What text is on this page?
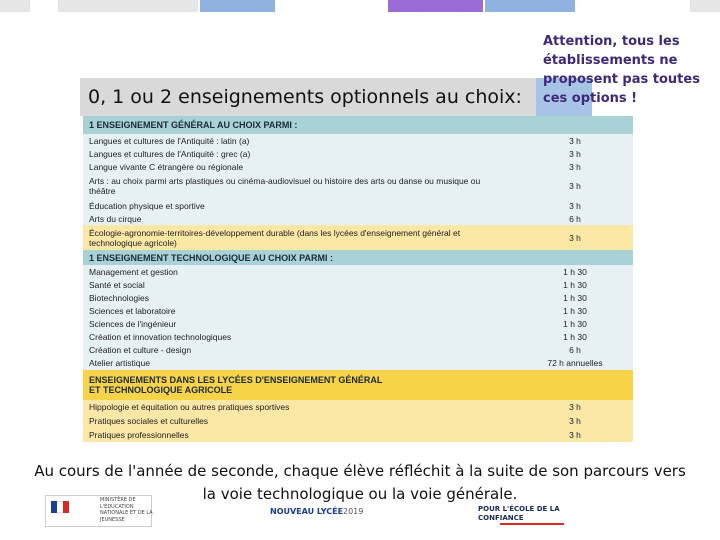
0, 1 ou 2 enseignements optionnels au choix:
Attention, tous les établissements ne proposent pas toutes ces options !
1 ENSEIGNEMENT GÉNÉRAL AU CHOIX PARMI :
Langues et cultures de l'Antiquité : latin (a)	3 h
Langues et cultures de l'Antiquité : grec (a)	3 h
Langue vivante C étrangère ou régionale	3 h
Arts : au choix parmi arts plastiques ou cinéma-audiovisuel ou histoire des arts ou danse ou musique ou théâtre	3 h
Éducation physique et sportive	3 h
Arts du cirque	6 h
Écologie-agronomie-territoires-développement durable (dans les lycées d'enseignement général et technologique agricole)	3 h
1 ENSEIGNEMENT TECHNOLOGIQUE AU CHOIX PARMI :
Management et gestion	1 h 30
Santé et social	1 h 30
Biotechnologies	1 h 30
Sciences et laboratoire	1 h 30
Sciences de l'ingénieur	1 h 30
Création et innovation technologiques	1 h 30
Création et culture - design	6 h
Atelier artistique	72 h annuelles
ENSEIGNEMENTS DANS LES LYCÉES D'ENSEIGNEMENT GÉNÉRAL ET TECHNOLOGIQUE AGRICOLE
Hippologie et équitation ou autres pratiques sportives	3 h
Pratiques sociales et culturelles	3 h
Pratiques professionnelles	3 h
Au cours de l'année de seconde, chaque élève réfléchit à la suite de son parcours vers la voie technologique ou la voie générale.
MINISTÈRE DE L'ÉDUCATION NATIONALE ET DE LA JEUNESSE
NOUVEAU LYCÉE 2019	POUR L'ÉCOLE DE LA CONFIANCE
